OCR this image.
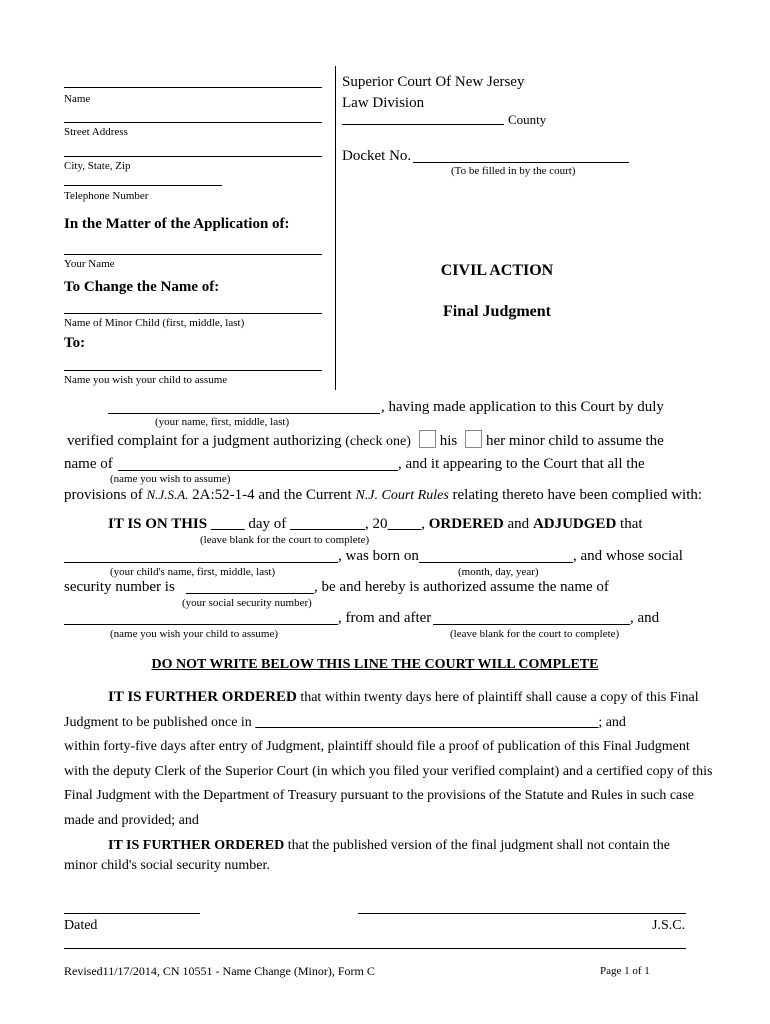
Name
Street Address
City, State, Zip
Telephone Number
In the Matter of the Application of:
Your Name
To Change the Name of:
Name of Minor Child (first, middle, last)
To:
Name you wish your child to assume
Superior Court Of New Jersey
Law Division
County
Docket No.
(To be filled in by the court)
CIVIL ACTION
Final Judgment
, having made application to this Court by duly
(your name, first, middle, last)
verified complaint for a judgment authorizing (check one) his her minor child to assume the
name of	, and it appearing to the Court that all the
(name you wish to assume)
provisions of N.J.S.A. 2A:52-1-4 and the Current N.J. Court Rules relating thereto have been complied with:
IT IS ON THIS	day of	, 20 , ORDERED and ADJUDGED that
(leave blank for the court to complete)
, was born on	, and whose social
(your child's name, first, middle, last)	(month, day, year)
security number is	, be and hereby is authorized assume the name of
(your social security number)
, from and after	, and
(name you wish your child to assume)	(leave blank for the court to complete)
DO NOT WRITE BELOW THIS LINE THE COURT WILL COMPLETE
IT IS FURTHER ORDERED that within twenty days here of plaintiff shall cause a copy of this Final
Judgment to be published once in	; and
within forty-five days after entry of Judgment, plaintiff should file a proof of publication of this Final Judgment
with the deputy Clerk of the Superior Court (in which you filed your verified complaint) and a certified copy of this
Final Judgment with the Department of Treasury pursuant to the provisions of the Statute and Rules in such case
made and provided; and
IT IS FURTHER ORDERED that the published version of the final judgment shall not contain the
minor child's social security number.
Dated	J.S.C.
Revised11/17/2014, CN 10551 - Name Change (Minor), Form C	Page 1 of 1
